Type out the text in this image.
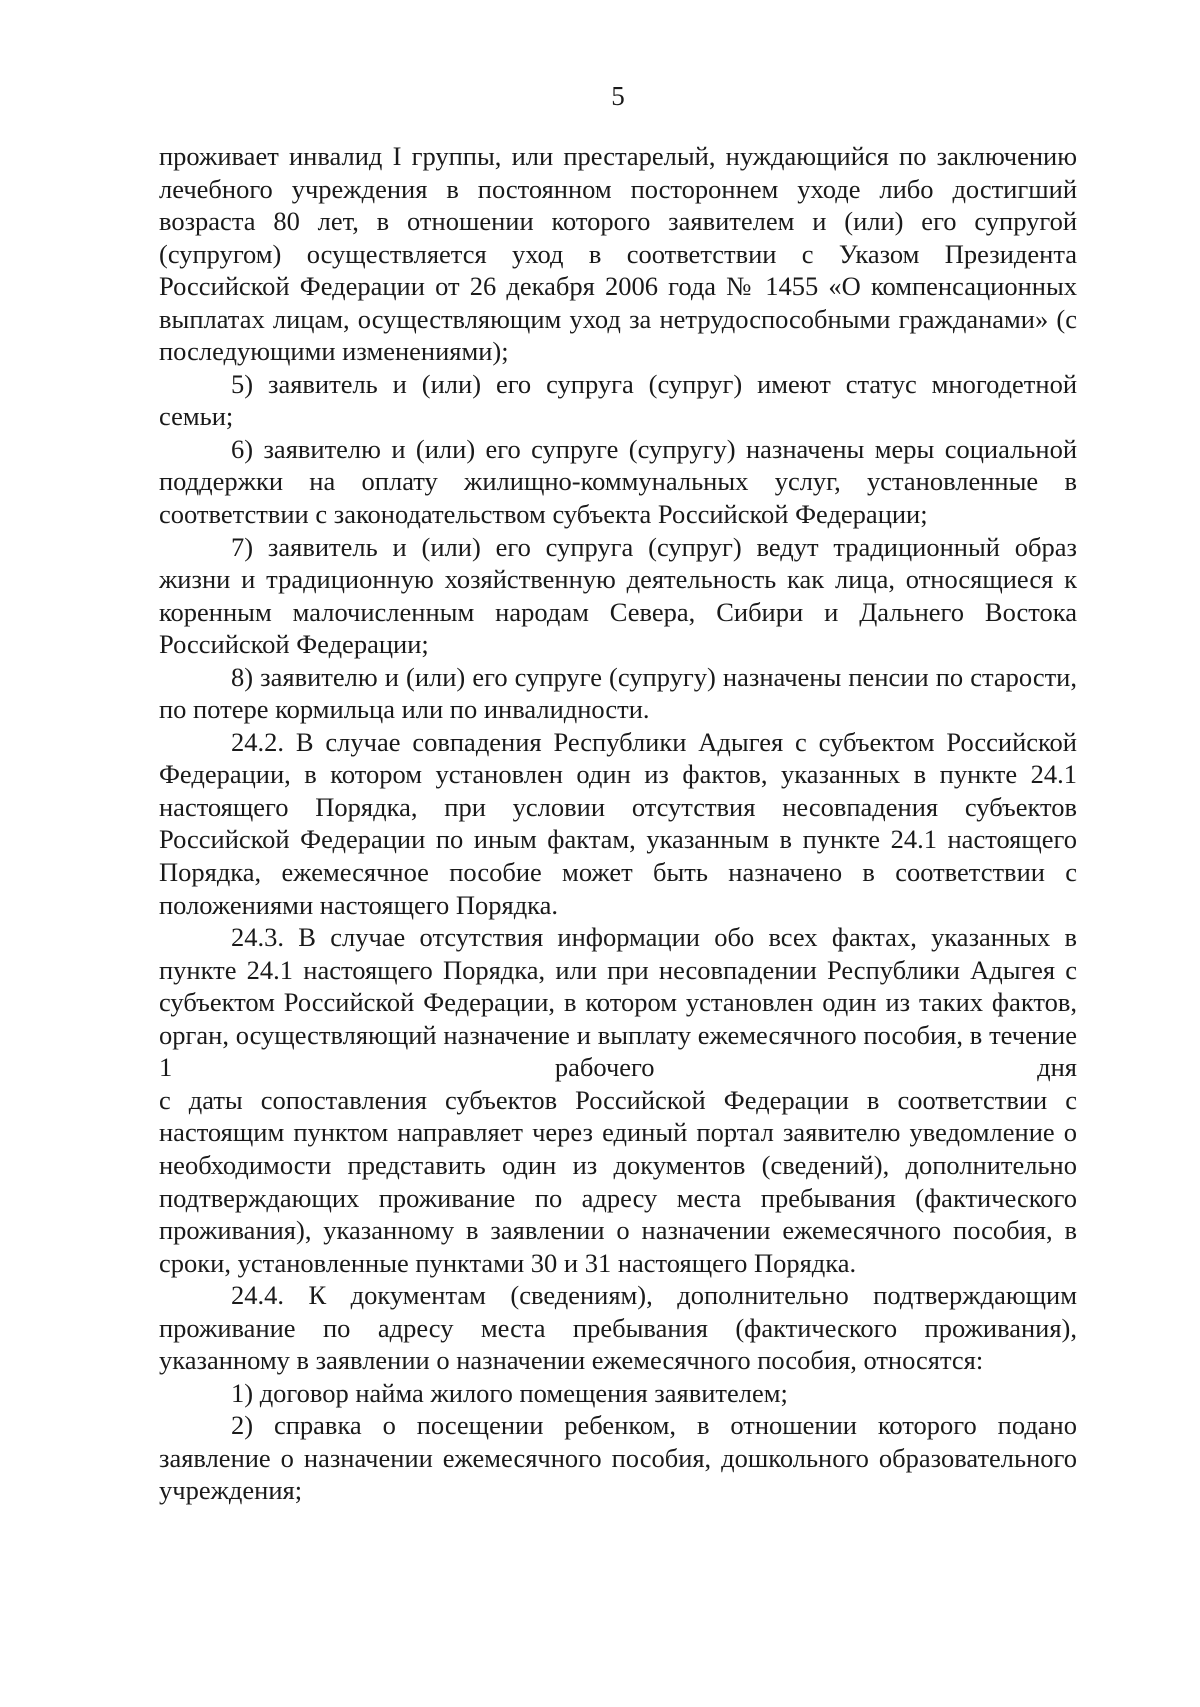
5

проживает инвалид I группы, или престарелый, нуждающийся по заключению лечебного учреждения в постоянном постороннем уходе либо достигший возраста 80 лет, в отношении которого заявителем и (или) его супругой (супругом) осуществляется уход в соответствии с Указом Президента Российской Федерации от 26 декабря 2006 года № 1455 «О компенсационных выплатах лицам, осуществляющим уход за нетрудоспособными гражданами» (с последующими изменениями);

5) заявитель и (или) его супруга (супруг) имеют статус многодетной семьи;

6) заявителю и (или) его супруге (супругу) назначены меры социальной поддержки на оплату жилищно-коммунальных услуг, установленные в соответствии с законодательством субъекта Российской Федерации;

7) заявитель и (или) его супруга (супруг) ведут традиционный образ жизни и традиционную хозяйственную деятельность как лица, относящиеся к коренным малочисленным народам Севера, Сибири и Дальнего Востока Российской Федерации;

8) заявителю и (или) его супруге (супругу) назначены пенсии по старости, по потере кормильца или по инвалидности.

24.2. В случае совпадения Республики Адыгея с субъектом Российской Федерации, в котором установлен один из фактов, указанных в пункте 24.1 настоящего Порядка, при условии отсутствия несовпадения субъектов Российской Федерации по иным фактам, указанным в пункте 24.1 настоящего Порядка, ежемесячное пособие может быть назначено в соответствии с положениями настоящего Порядка.

24.3. В случае отсутствия информации обо всех фактах, указанных в пункте 24.1 настоящего Порядка, или при несовпадении Республики Адыгея с субъектом Российской Федерации, в котором установлен один из таких фактов, орган, осуществляющий назначение и выплату ежемесячного пособия, в течение 1 рабочего дня

с даты сопоставления субъектов Российской Федерации в соответствии с настоящим пунктом направляет через единый портал заявителю уведомление о необходимости представить один из документов (сведений), дополнительно подтверждающих проживание по адресу места пребывания (фактического проживания), указанному в заявлении о назначении ежемесячного пособия, в сроки, установленные пунктами 30 и 31 настоящего Порядка.

24.4. К документам (сведениям), дополнительно подтверждающим проживание по адресу места пребывания (фактического проживания), указанному в заявлении о назначении ежемесячного пособия, относятся:

1) договор найма жилого помещения заявителем;

2) справка о посещении ребенком, в отношении которого подано заявление о назначении ежемесячного пособия, дошкольного образовательного учреждения;
